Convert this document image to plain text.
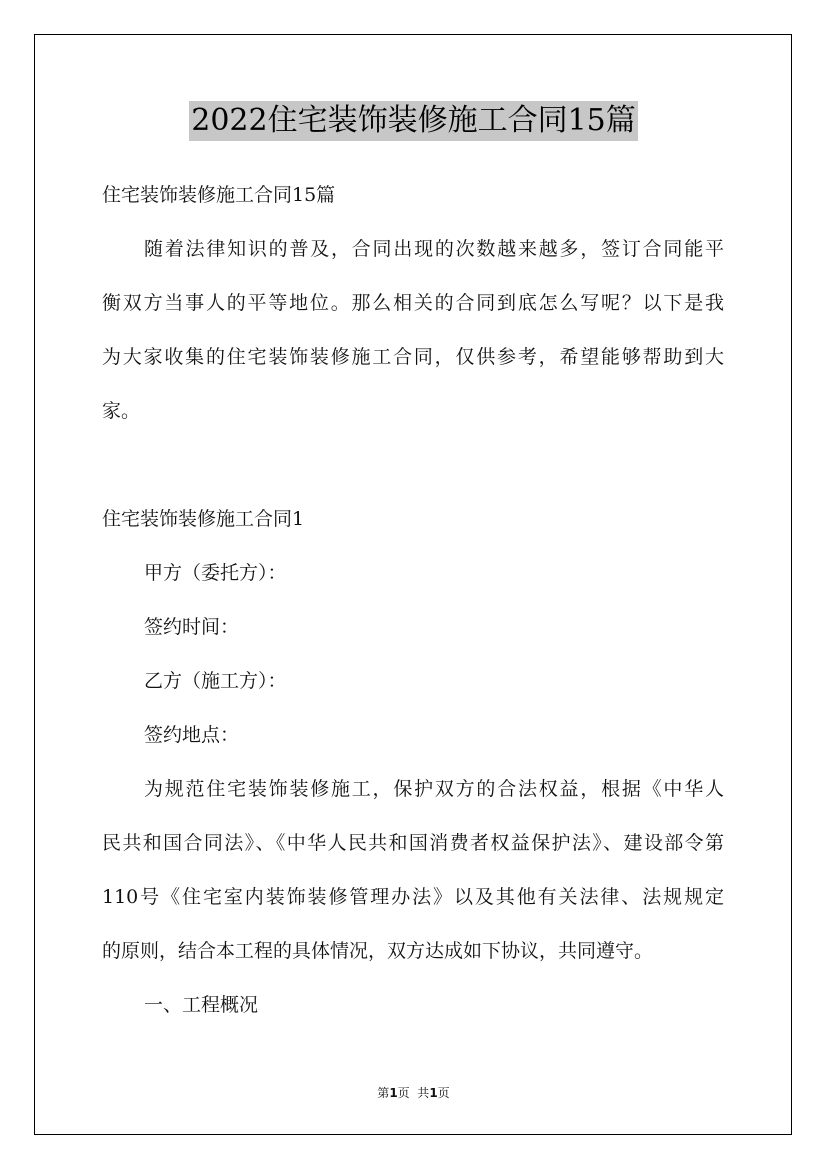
2022住宅装饰装修施工合同15篇
住宅装饰装修施工合同15篇
随着法律知识的普及，合同出现的次数越来越多，签订合同能平
衡双方当事人的平等地位。那么相关的合同到底怎么写呢？以下是我
为大家收集的住宅装饰装修施工合同，仅供参考，希望能够帮助到大
家。
住宅装饰装修施工合同1
甲方（委托方）：
签约时间：
乙方（施工方）：
签约地点：
为规范住宅装饰装修施工，保护双方的合法权益，根据《中华人
民共和国合同法》、《中华人民共和国消费者权益保护法》、建设部令第
110号《住宅室内装饰装修管理办法》以及其他有关法律、法规规定
的原则，结合本工程的具体情况，双方达成如下协议，共同遵守。
一、工程概况
第1页  共1页
